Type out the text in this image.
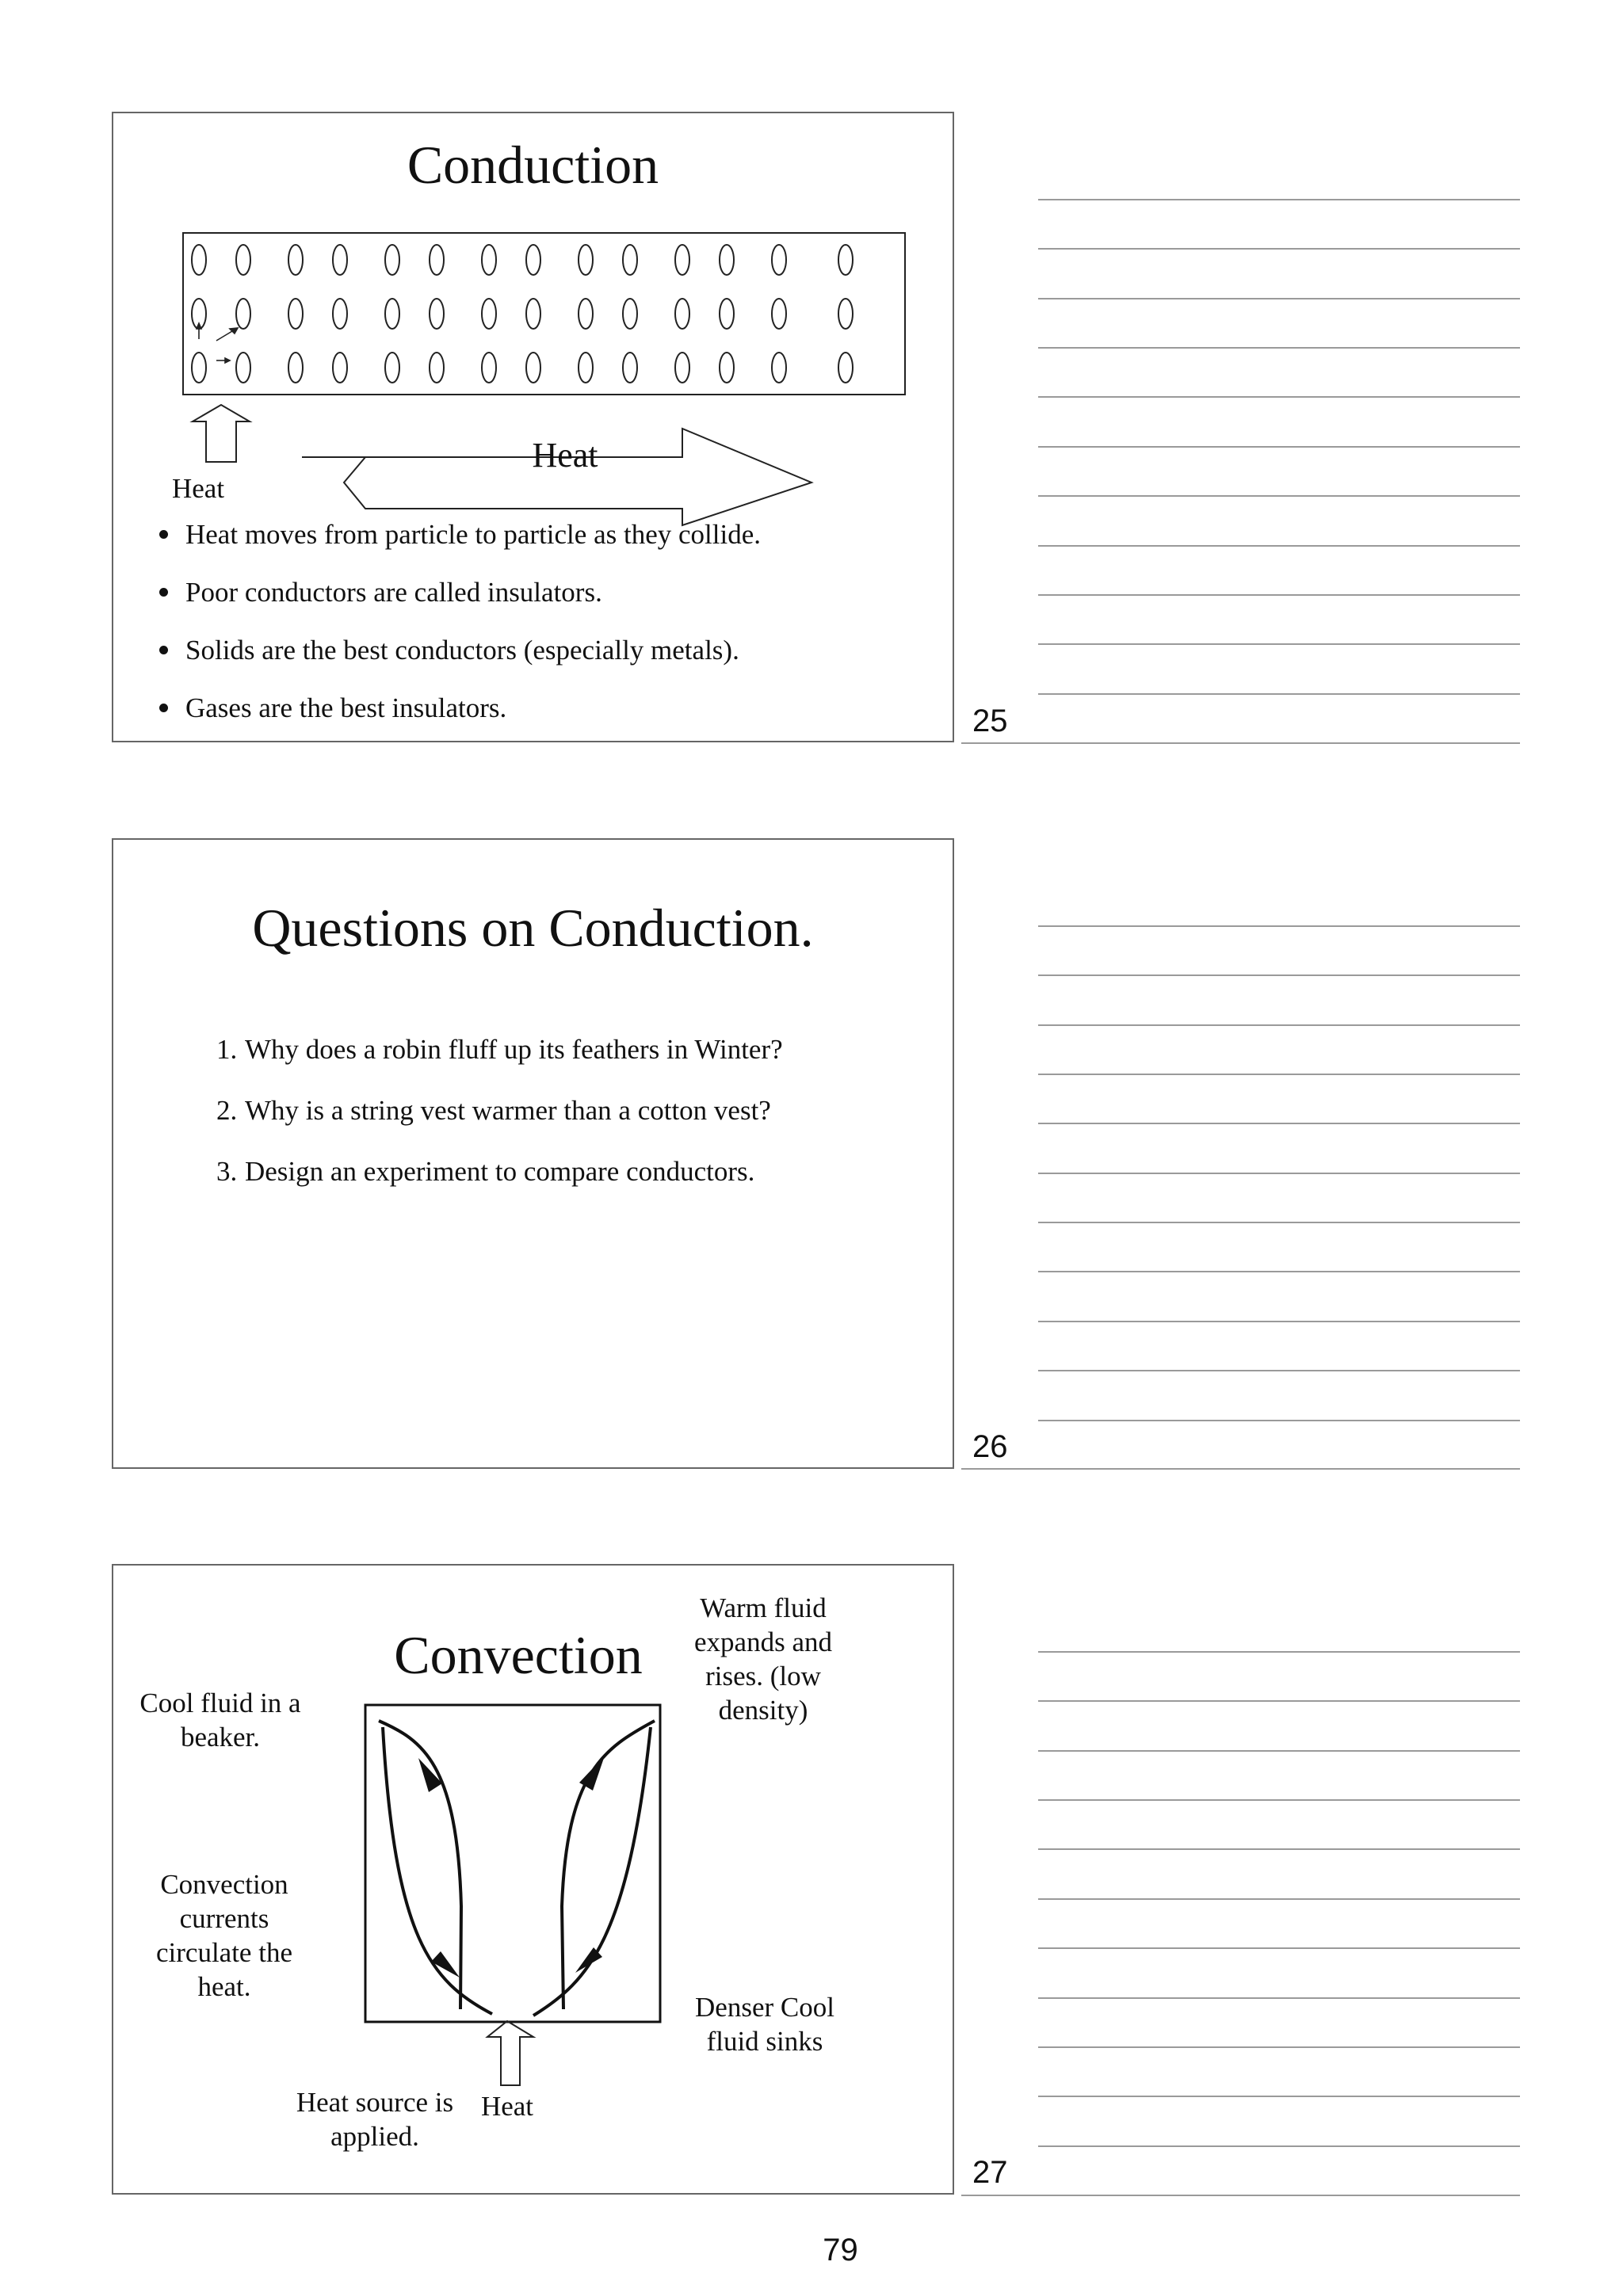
Conduction
Heat
Heat
Heat moves from particle to particle as they collide.
Poor conductors are called insulators.
Solids are the best conductors (especially metals).
Gases are the best insulators.	25
Questions on Conduction.
1. Why does a robin fluff up its feathers in Winter?
2. Why is a string vest warmer than a cotton vest?
3. Design an experiment to compare conductors.
26
Convection
Cool fluid in a beaker.
Convection currents circulate the heat.
Heat source is applied.
Heat
Warm fluid expands and rises. (low density)
Denser Cool fluid sinks
27
79
